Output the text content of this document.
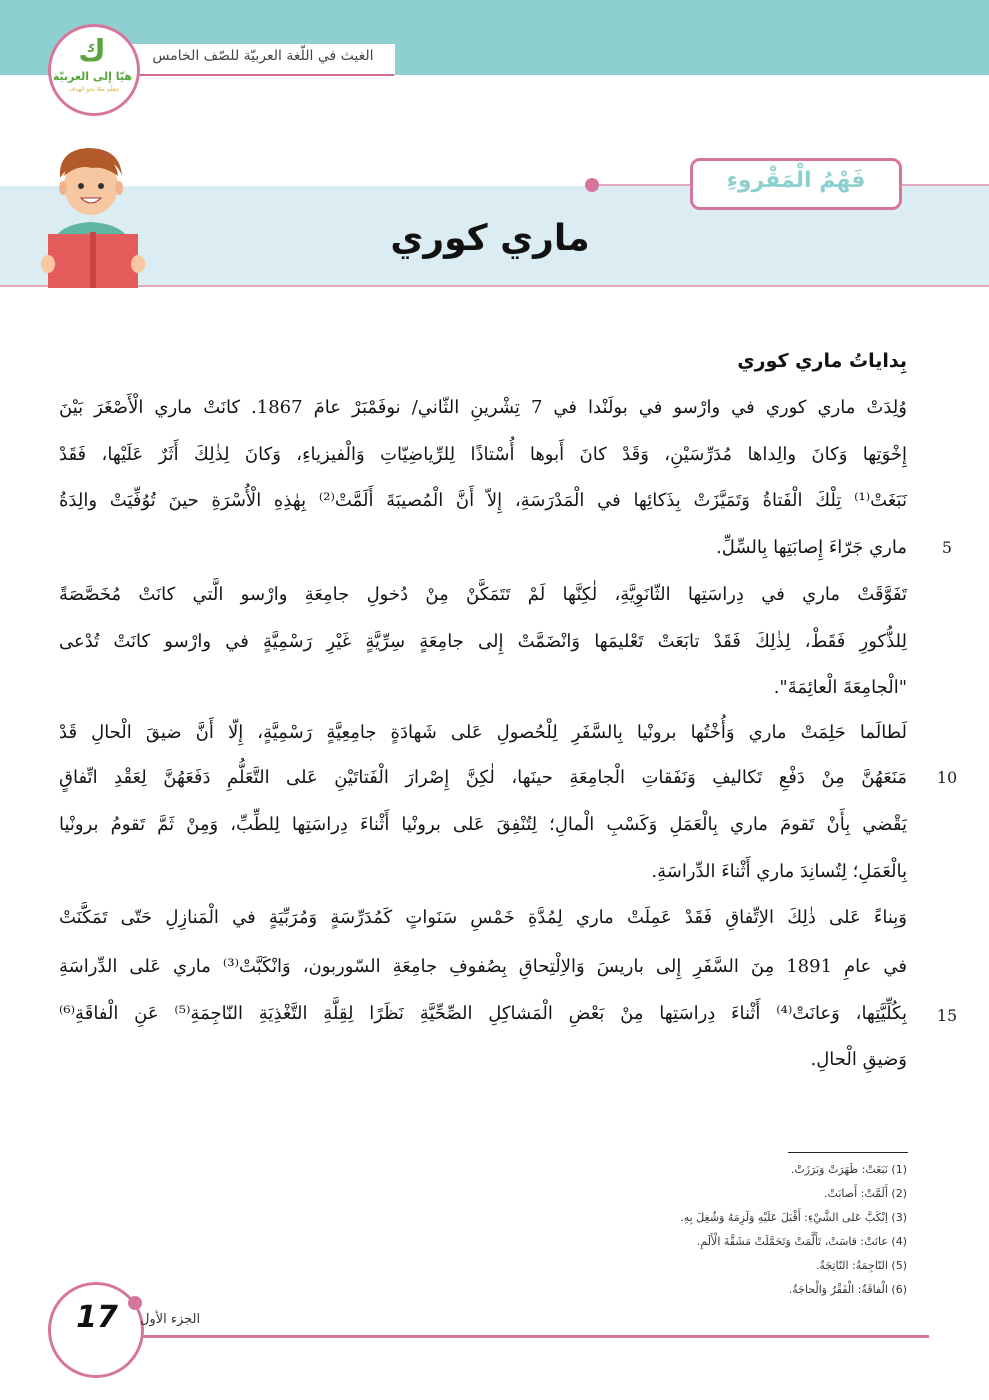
الغيث في اللّغة العربيّة للصّف الخامس
ك
هيّا إلى العربيّة
نتعلّم معًا نحو الهدف
فَهْمُ الْمَقْروءِ
ماري كوري
بِداياتُ ماري كوري
وُلِدَتْ ماري كوري في وارْسو في بولَنْدا في 7 تِشْرينِ الثّاني/ نوفَمْبَرْ عامَ 1867. كانَتْ ماري الْأَصْغَرَ بَيْنَ
إِخْوَتِها وَكانَ والِداها مُدَرِّسَيْنِ، وَقَدْ كانَ أَبوها أُسْتاذًا لِلرِّياضِيّاتِ وَالْفيزياءِ، وَكانَ لِذٰلِكَ أَثَرٌ عَلَيْها، فَقَدْ
نَبَغَتْ⁽¹⁾ تِلْكَ الْفَتاةُ وَتَمَيَّزَتْ بِذَكائِها في الْمَدْرَسَةِ، إِلاّ أَنَّ الْمُصيبَةَ أَلَمَّتْ⁽²⁾ بِهٰذِهِ الْأُسْرَةِ حينَ تُوُفِّيَتْ والِدَةُ
ماري جَرّاءَ إِصابَتِها بِالسِّلِّ.	5
تَفَوَّقَتْ ماري في دِراسَتِها الثّانَوِيَّةِ، لٰكِنَّها لَمْ تَتَمَكَّنْ مِنْ دُخولِ جامِعَةِ وارْسو الَّتي كانَتْ مُخَصَّصَةً
لِلذُّكورِ فَقَطْ، لِذٰلِكَ فَقَدْ تابَعَتْ تَعْليمَها وَانْضَمَّتْ إِلى جامِعَةٍ سِرِّيَّةٍ غَيْرِ رَسْمِيَّةٍ في وارْسو كانَتْ تُدْعى
"الْجامِعَةَ الْعائِمَةَ".
لَطالَما حَلِمَتْ ماري وَأُخْتُها برونْيا بِالسَّفَرِ لِلْحُصولِ عَلى شَهادَةٍ جامِعِيَّةٍ رَسْمِيَّةٍ، إِلّا أَنَّ ضيقَ الْحالِ قَدْ
مَنَعَهُنَّ مِنْ دَفْعِ تَكاليفِ وَنَفَقاتِ الْجامِعَةِ حينَها، لٰكِنَّ إِصْرارَ الْفَتاتَيْنِ عَلى التَّعَلُّمِ دَفَعَهُنَّ لِعَقْدِ اتِّفاقٍ	10
يَقْضي بِأَنْ تَقومَ ماري بِالْعَمَلِ وَكَسْبِ الْمالِ؛ لِتُنْفِقَ عَلى برونْيا أَثْناءَ دِراسَتِها لِلطِّبِّ، وَمِنْ ثَمَّ تَقومُ برونْيا
بِالْعَمَلِ؛ لِتُسانِدَ ماري أَثْناءَ الدِّراسَةِ.
وَبِناءً عَلى ذٰلِكَ الاِتِّفاقِ فَقَدْ عَمِلَتْ ماري لِمُدَّةِ خَمْسِ سَنَواتٍ كَمُدَرِّسَةٍ وَمُرَبِّيَةٍ في الْمَنازِلِ حَتّى تَمَكَّنَتْ
في عامِ 1891 مِنَ السَّفَرِ إِلى باريسَ وَالاِلْتِحاقِ بِصُفوفِ جامِعَةِ السّوربون، وَانْكَبَّتْ⁽³⁾ ماري عَلى الدِّراسَةِ
بِكُلِّيَّتِها، وَعانَتْ⁽⁴⁾ أَثْناءَ دِراسَتِها مِنْ بَعْضِ الْمَشاكِلِ الصِّحِّيَّةِ نَظَرًا لِقِلَّةِ التَّغْذِيَةِ النّاجِمَةِ⁽⁵⁾ عَنِ الْفاقَةِ⁽⁶⁾	15
وَضيقِ الْحالِ.
(1) نَبَغَتْ: ظَهَرَتْ وَبَرَزَتْ.
(2) أَلَمَّتْ: أَصابَتْ.
(3) اِنْكَبَّ عَلى الشَّيْءِ: أَقْبَلَ عَلَيْهِ وَلَزِمَهُ وَشُغِلَ بِهِ.
(4) عانَتْ: قاسَتْ، تَأَلَّمَتْ وَتَحَمَّلَتْ مَشَقَّةَ الْأَلَمِ.
(5) النّاجِمَةُ: النّاتِجَةُ.
(6) الْفاقَةُ: الْفَقْرُ وَالْحاجَةُ.
17	الجزء الأول
